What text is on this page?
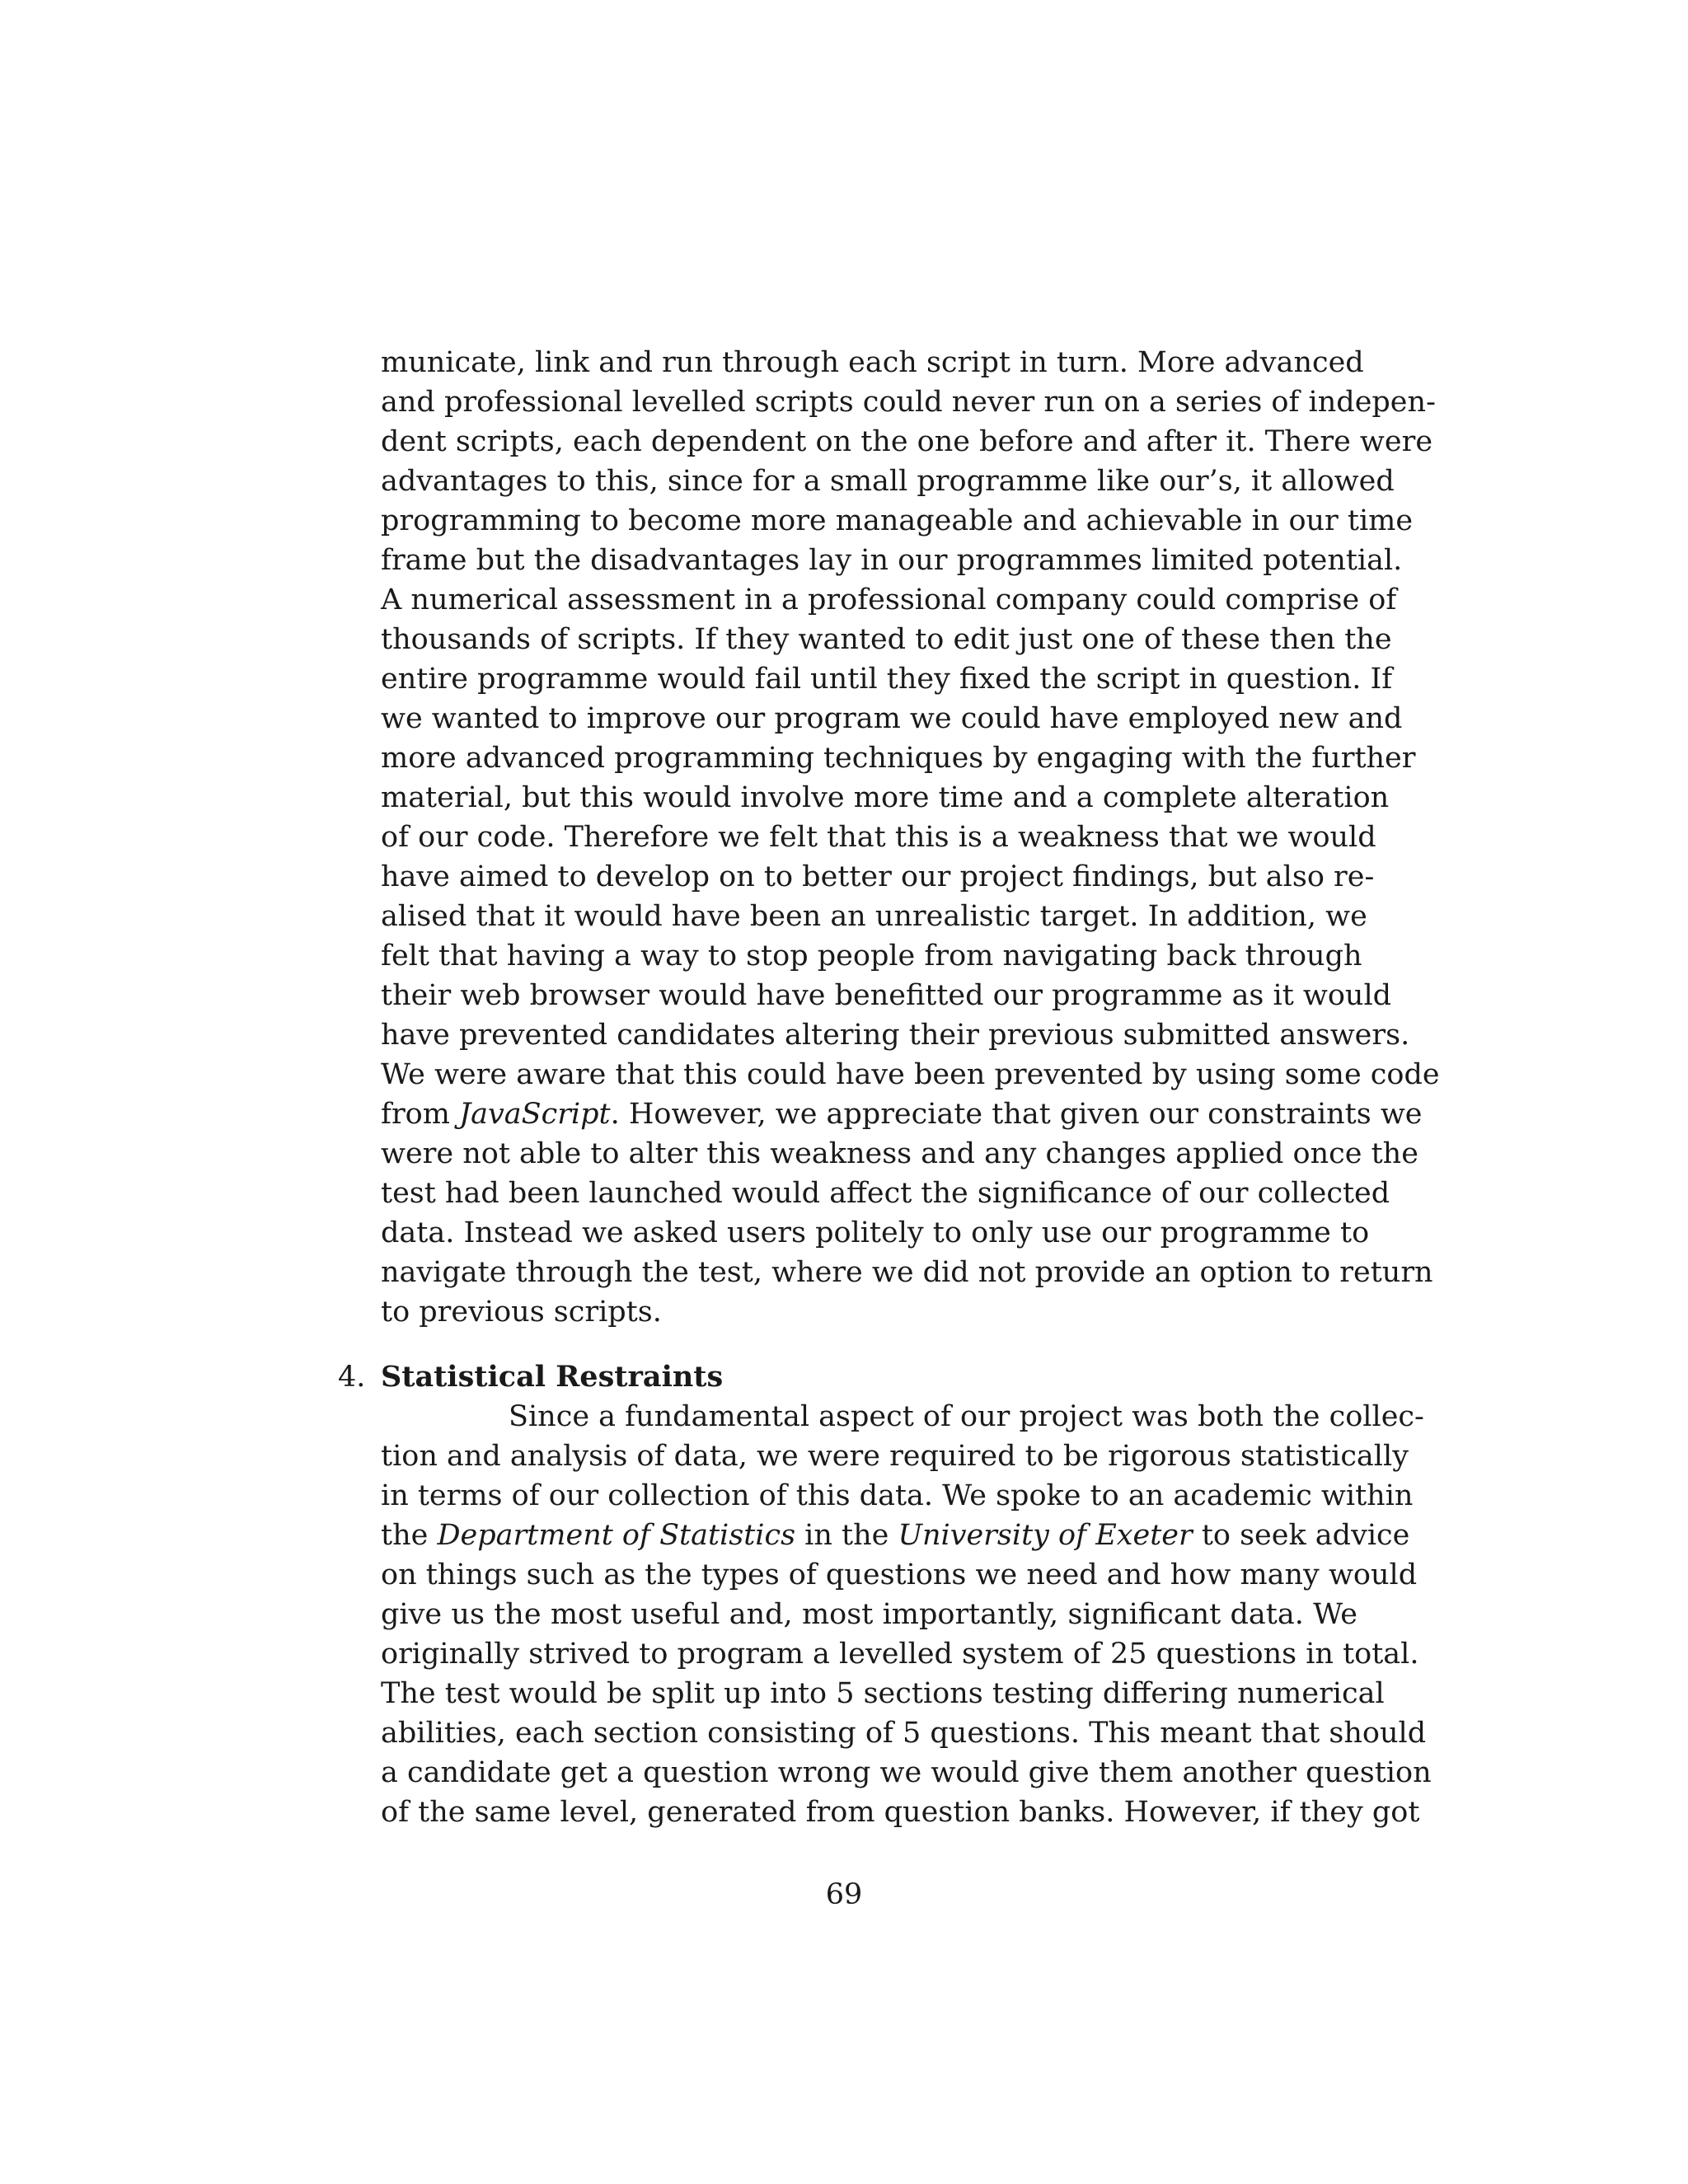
municate, link and run through each script in turn. More advanced
and professional levelled scripts could never run on a series of indepen-
dent scripts, each dependent on the one before and after it. There were
advantages to this, since for a small programme like our’s, it allowed
programming to become more manageable and achievable in our time
frame but the disadvantages lay in our programmes limited potential.
A numerical assessment in a professional company could comprise of
thousands of scripts. If they wanted to edit just one of these then the
entire programme would fail until they fixed the script in question. If
we wanted to improve our program we could have employed new and
more advanced programming techniques by engaging with the further
material, but this would involve more time and a complete alteration
of our code. Therefore we felt that this is a weakness that we would
have aimed to develop on to better our project findings, but also re-
alised that it would have been an unrealistic target. In addition, we
felt that having a way to stop people from navigating back through
their web browser would have benefitted our programme as it would
have prevented candidates altering their previous submitted answers.
We were aware that this could have been prevented by using some code
from JavaScript. However, we appreciate that given our constraints we
were not able to alter this weakness and any changes applied once the
test had been launched would affect the significance of our collected
data. Instead we asked users politely to only use our programme to
navigate through the test, where we did not provide an option to return
to previous scripts.
4. Statistical Restraints
Since a fundamental aspect of our project was both the collec-
tion and analysis of data, we were required to be rigorous statistically
in terms of our collection of this data. We spoke to an academic within
the Department of Statistics in the University of Exeter to seek advice
on things such as the types of questions we need and how many would
give us the most useful and, most importantly, significant data. We
originally strived to program a levelled system of 25 questions in total.
The test would be split up into 5 sections testing differing numerical
abilities, each section consisting of 5 questions. This meant that should
a candidate get a question wrong we would give them another question
of the same level, generated from question banks. However, if they got
69
